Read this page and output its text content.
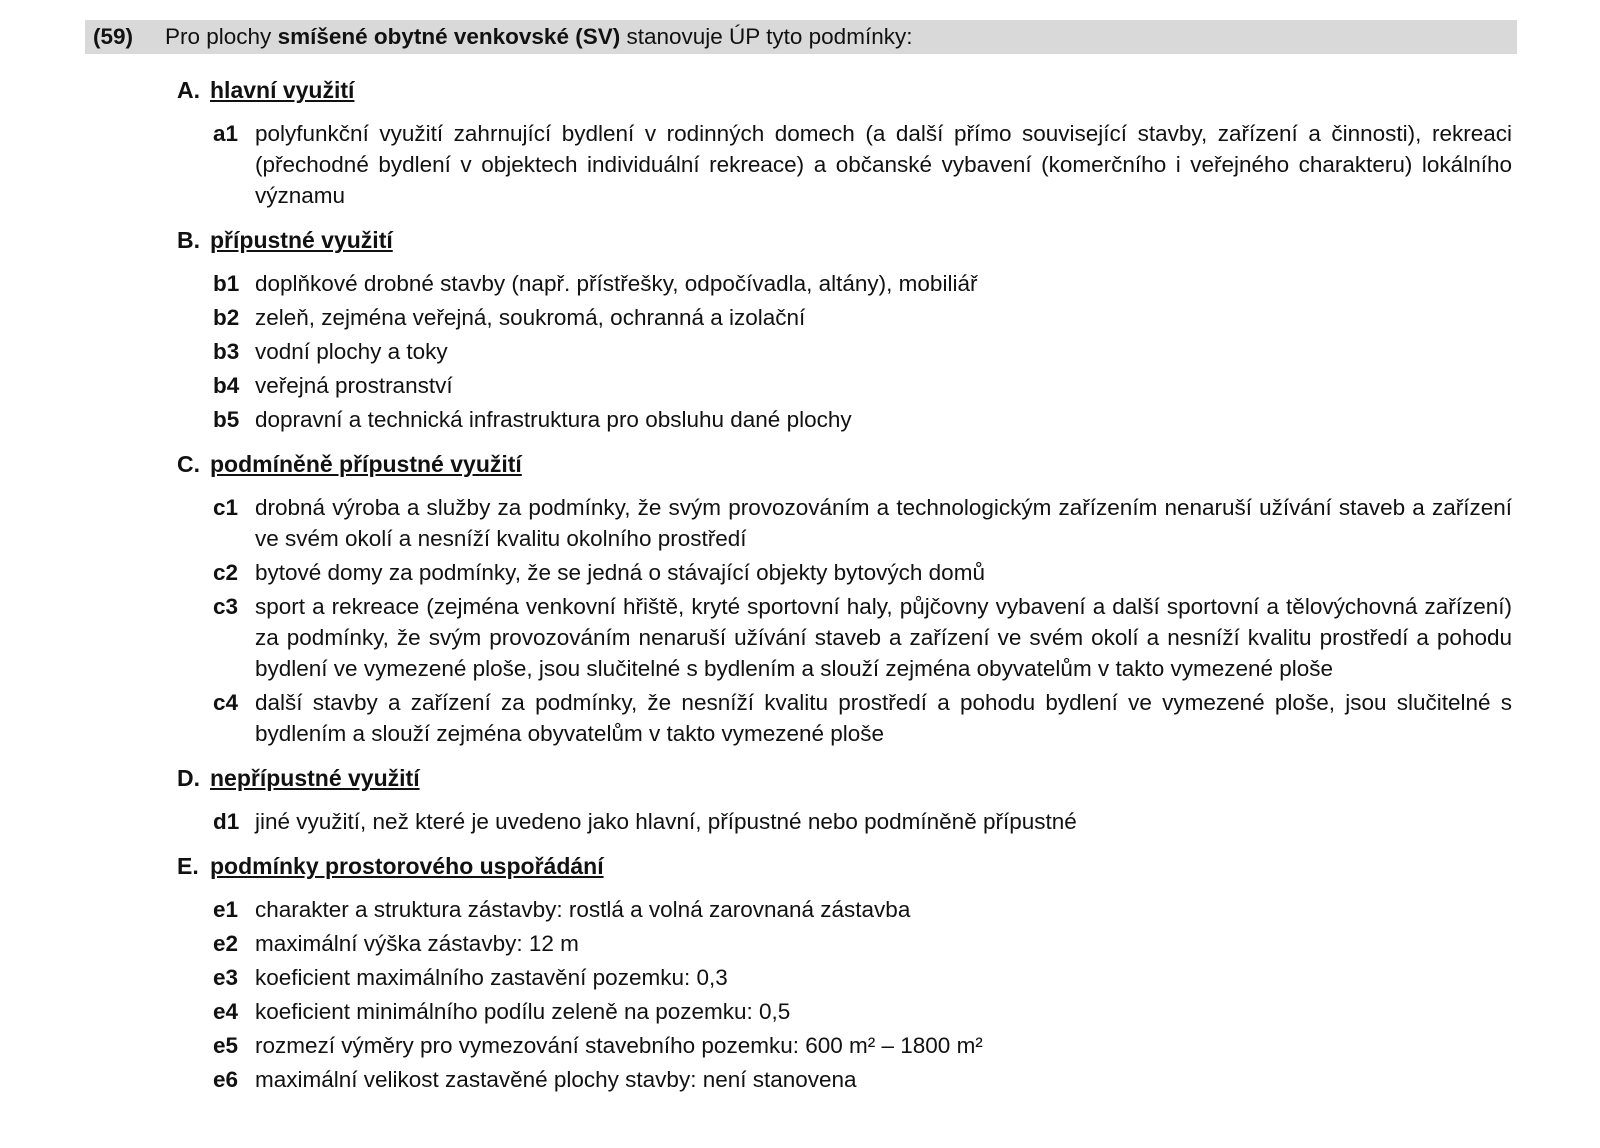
(59)	Pro plochy smíšené obytné venkovské (SV) stanovuje ÚP tyto podmínky:
A. hlavní využití
a1 polyfunkční využití zahrnující bydlení v rodinných domech (a další přímo související stavby, zařízení a činnosti), rekreaci (přechodné bydlení v objektech individuální rekreace) a občanské vybavení (komerčního i veřejného charakteru) lokálního významu

B. přípustné využití
b1 doplňkové drobné stavby (např. přístřešky, odpočívadla, altány), mobiliář

b2 zeleň, zejména veřejná, soukromá, ochranná a izolační

b3 vodní plochy a toky

b4 veřejná prostranství

b5 dopravní a technická infrastruktura pro obsluhu dané plochy

C. podmíněně přípustné využití
c1 drobná výroba a služby za podmínky, že svým provozováním a technologickým zařízením nenaruší užívání staveb a zařízení ve svém okolí a nesníží kvalitu okolního prostředí

c2 bytové domy za podmínky, že se jedná o stávající objekty bytových domů

c3 sport a rekreace (zejména venkovní hřiště, kryté sportovní haly, půjčovny vybavení a další sportovní a tělovýchovná zařízení) za podmínky, že svým provozováním nenaruší užívání staveb a zařízení ve svém okolí a nesníží kvalitu prostředí a pohodu bydlení ve vymezené ploše, jsou slučitelné s bydlením a slouží zejména obyvatelům v takto vymezené ploše

c4 další stavby a zařízení za podmínky, že nesníží kvalitu prostředí a pohodu bydlení ve vymezené ploše, jsou slučitelné s bydlením a slouží zejména obyvatelům v takto vymezené ploše

D. nepřípustné využití
d1 jiné využití, než které je uvedeno jako hlavní, přípustné nebo podmíněně přípustné

E. podmínky prostorového uspořádání
e1 charakter a struktura zástavby: rostlá a volná zarovnaná zástavba

e2 maximální výška zástavby: 12 m

e3 koeficient maximálního zastavění pozemku: 0,3

e4 koeficient minimálního podílu zeleně na pozemku: 0,5

e5 rozmezí výměry pro vymezování stavebního pozemku: 600 m² – 1800 m²

e6 maximální velikost zastavěné plochy stavby: není stanovena
